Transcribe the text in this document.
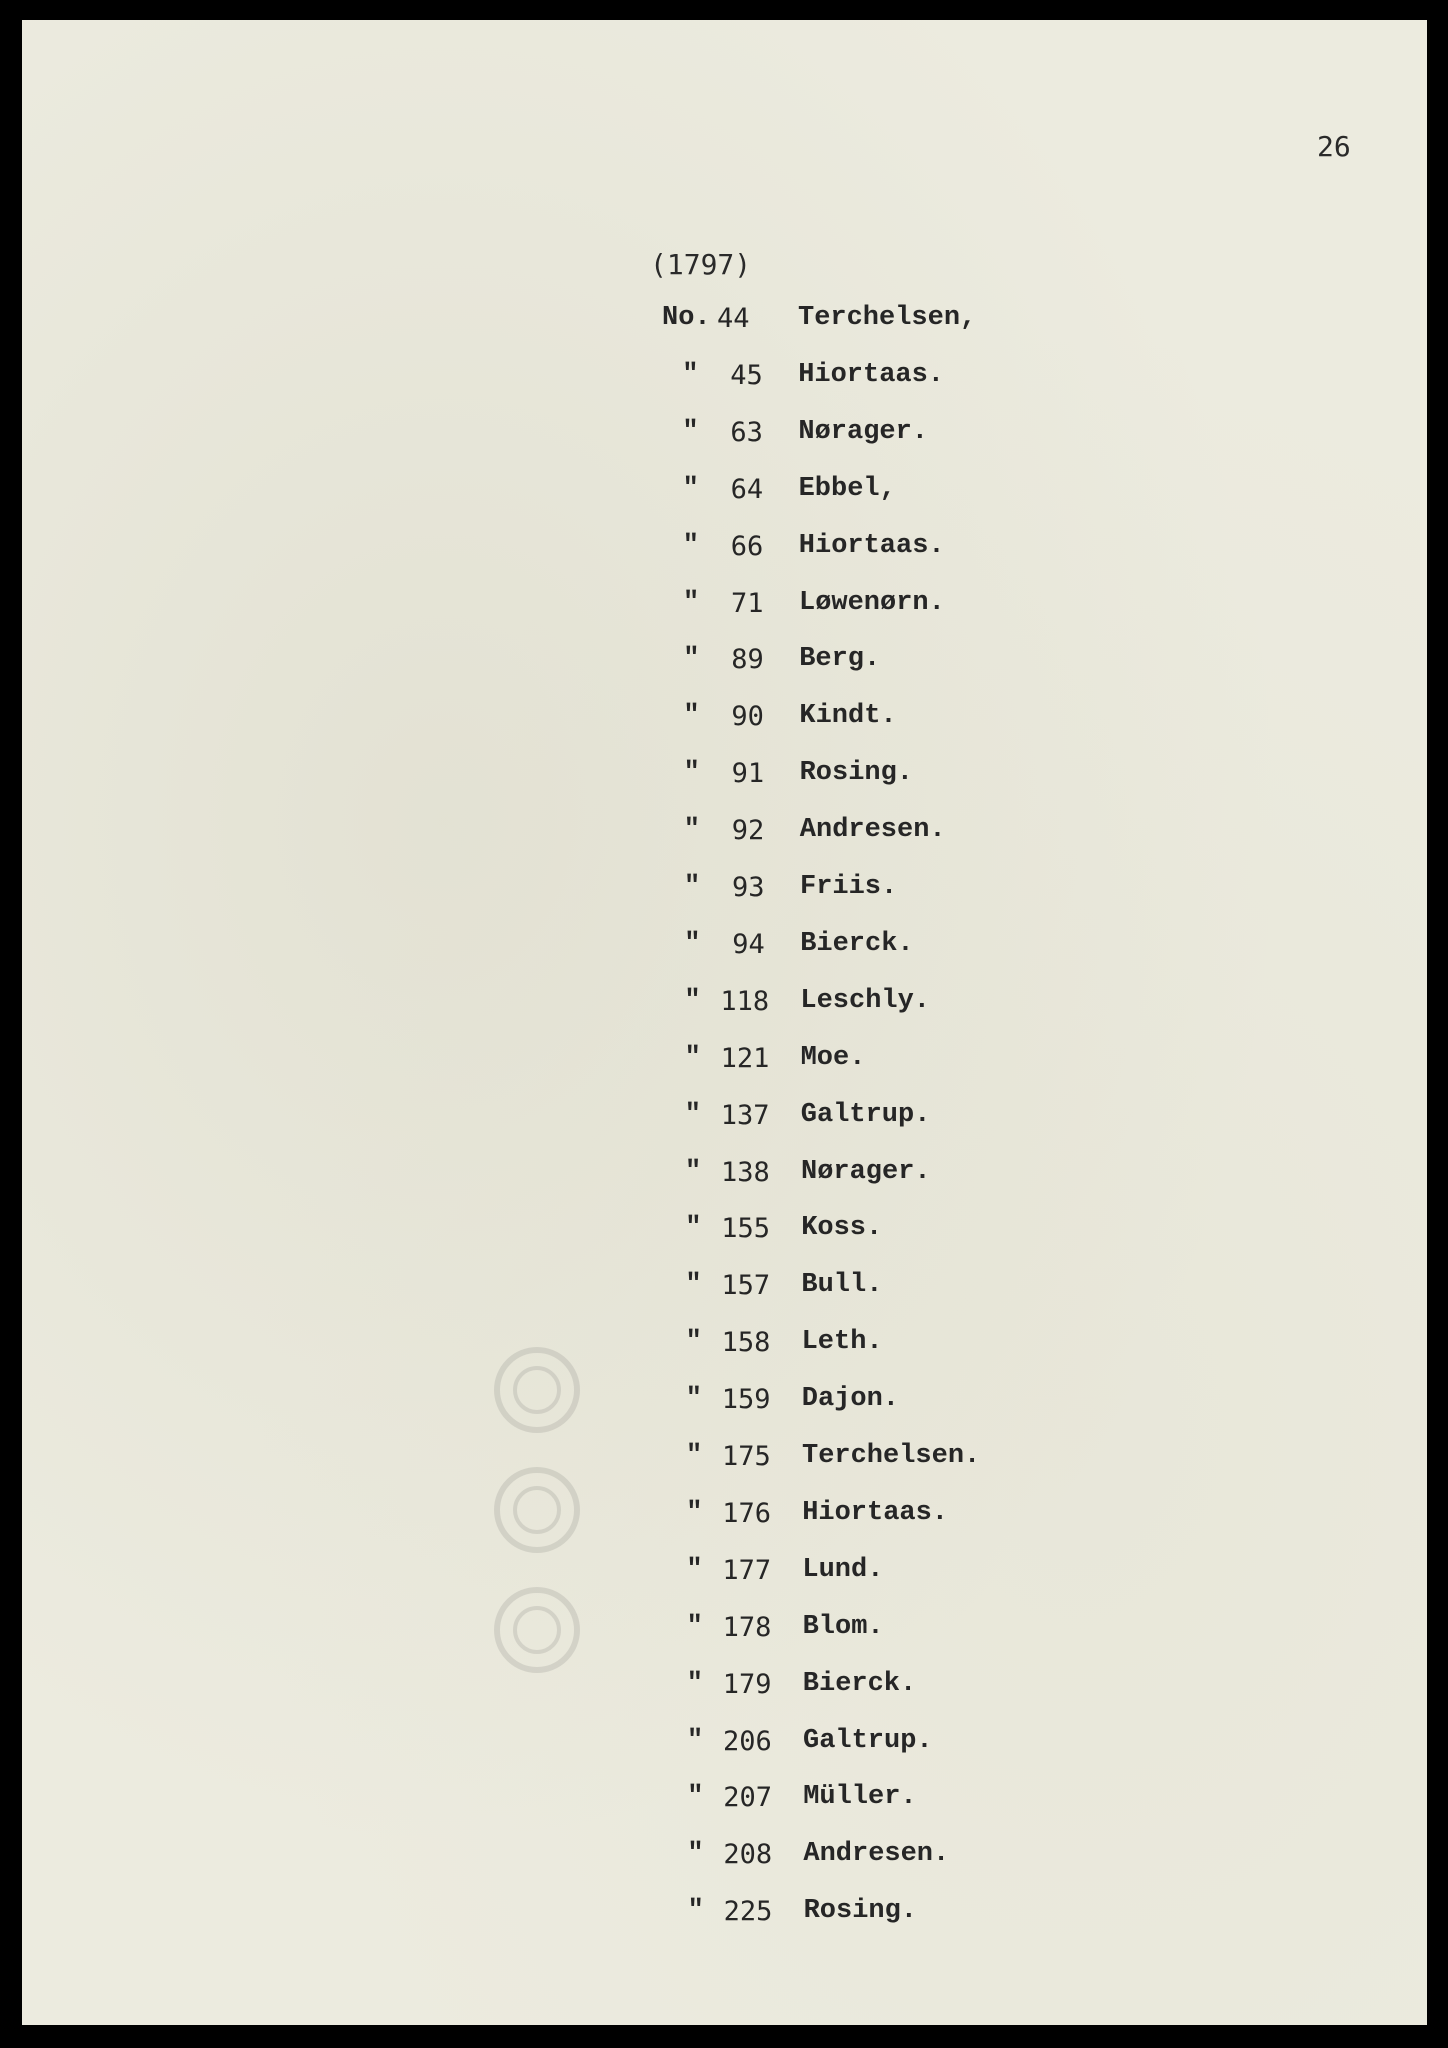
26
(1797)
No. 44	Terchelsen,
"	45	Hiortaas.
"	63	Nørager.
"	64	Ebbel,
"	66	Hiortaas.
"	71	Løwenørn.
"	89	Berg.
"	90	Kindt.
"	91	Rosing.
"	92	Andresen.
"	93	Friis.
"	94	Bierck.
" 118	Leschly.
" 121	Moe.
" 137	Galtrup.
" 138	Nørager.
" 155	Koss.
" 157	Bull.
" 158	Leth.
" 159	Dajon.
" 175	Terchelsen.
" 176	Hiortaas.
" 177	Lund.
" 178	Blom.
" 179	Bierck.
" 206	Galtrup.
" 207	Müller.
" 208	Andresen.
" 225	Rosing.
